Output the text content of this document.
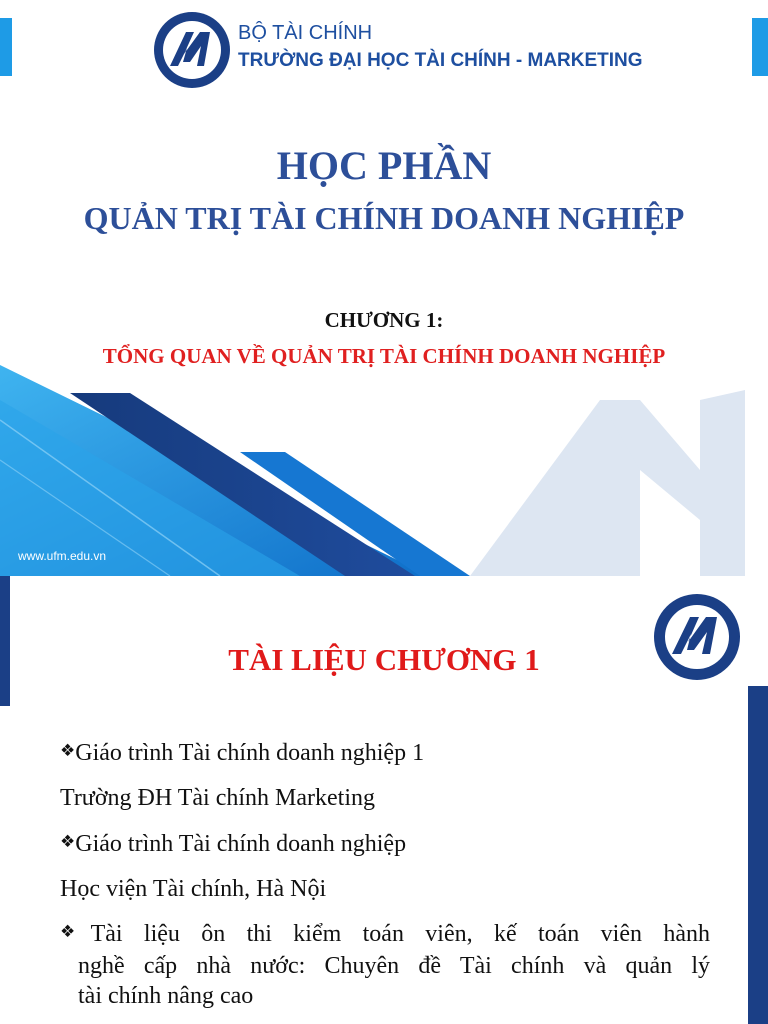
BỘ TÀI CHÍNH
TRƯỜNG ĐẠI HỌC TÀI CHÍNH - MARKETING
HỌC PHẦN
QUẢN TRỊ TÀI CHÍNH DOANH NGHIỆP
CHƯƠNG 1:
TỔNG QUAN VỀ QUẢN TRỊ TÀI CHÍNH DOANH NGHIỆP
www.ufm.edu.vn
TÀI LIỆU CHƯƠNG 1
❖Giáo trình Tài chính doanh nghiệp 1
Trường ĐH Tài chính Marketing
❖Giáo trình Tài chính doanh nghiệp
Học viện Tài chính, Hà Nội
❖Tài liệu ôn thi kiểm toán viên, kế toán viên hành
nghề cấp nhà nước: Chuyên đề Tài chính và quản lý
tài chính nâng cao
